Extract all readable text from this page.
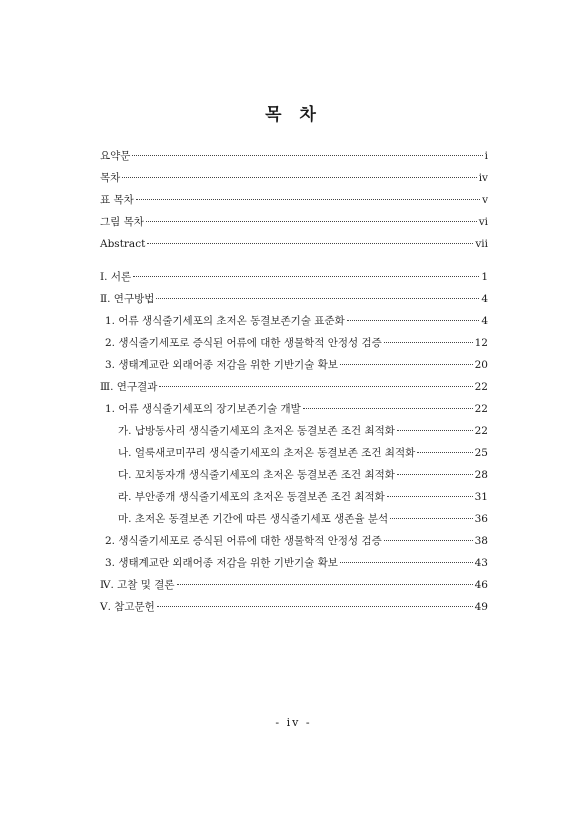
목 차
요약문	i
목차	iv
표 목차	v
그림 목차	vi
Abstract	vii
Ⅰ. 서론	1
Ⅱ. 연구방법	4
1. 어류 생식줄기세포의 초저온 동결보존기술 표준화	4
2. 생식줄기세포로 증식된 어류에 대한 생물학적 안정성 검증	12
3. 생태계교란 외래어종 저감을 위한 기반기술 확보	20
Ⅲ. 연구결과	22
1. 어류 생식줄기세포의 장기보존기술 개발	22
가. 납방동사리 생식줄기세포의 초저온 동결보존 조건 최적화	22
나. 얼룩새코미꾸리 생식줄기세포의 초저온 동결보존 조건 최적화	25
다. 꼬치동자개 생식줄기세포의 초저온 동결보존 조건 최적화	28
라. 부안종개 생식줄기세포의 초저온 동결보존 조건 최적화	31
마. 초저온 동결보존 기간에 따른 생식줄기세포 생존율 분석	36
2. 생식줄기세포로 증식된 어류에 대한 생물학적 안정성 검증	38
3. 생태계교란 외래어종 저감을 위한 기반기술 확보	43
Ⅳ. 고찰 및 결론	46
Ⅴ. 참고문헌	49
- iv -
